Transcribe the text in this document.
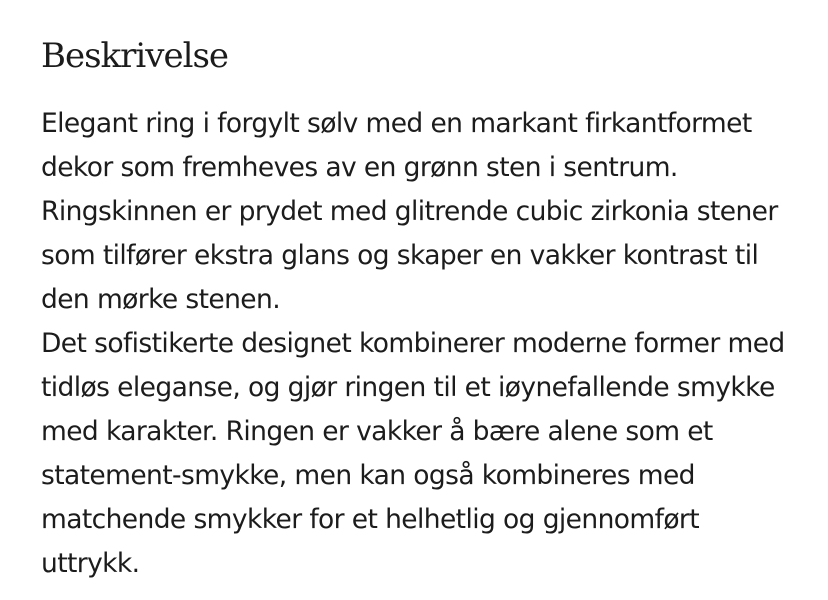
Beskrivelse

Elegant ring i forgylt sølv med en markant firkantformet dekor som fremheves av en grønn sten i sentrum. Ringskinnen er prydet med glitrende cubic zirkonia stener som tilfører ekstra glans og skaper en vakker kontrast til den mørke stenen.

Det sofistikerte designet kombinerer moderne former med tidløs eleganse, og gjør ringen til et iøynefallende smykke med karakter. Ringen er vakker å bære alene som et statement-smykke, men kan også kombineres med matchende smykker for et helhetlig og gjennomført uttrykk.
